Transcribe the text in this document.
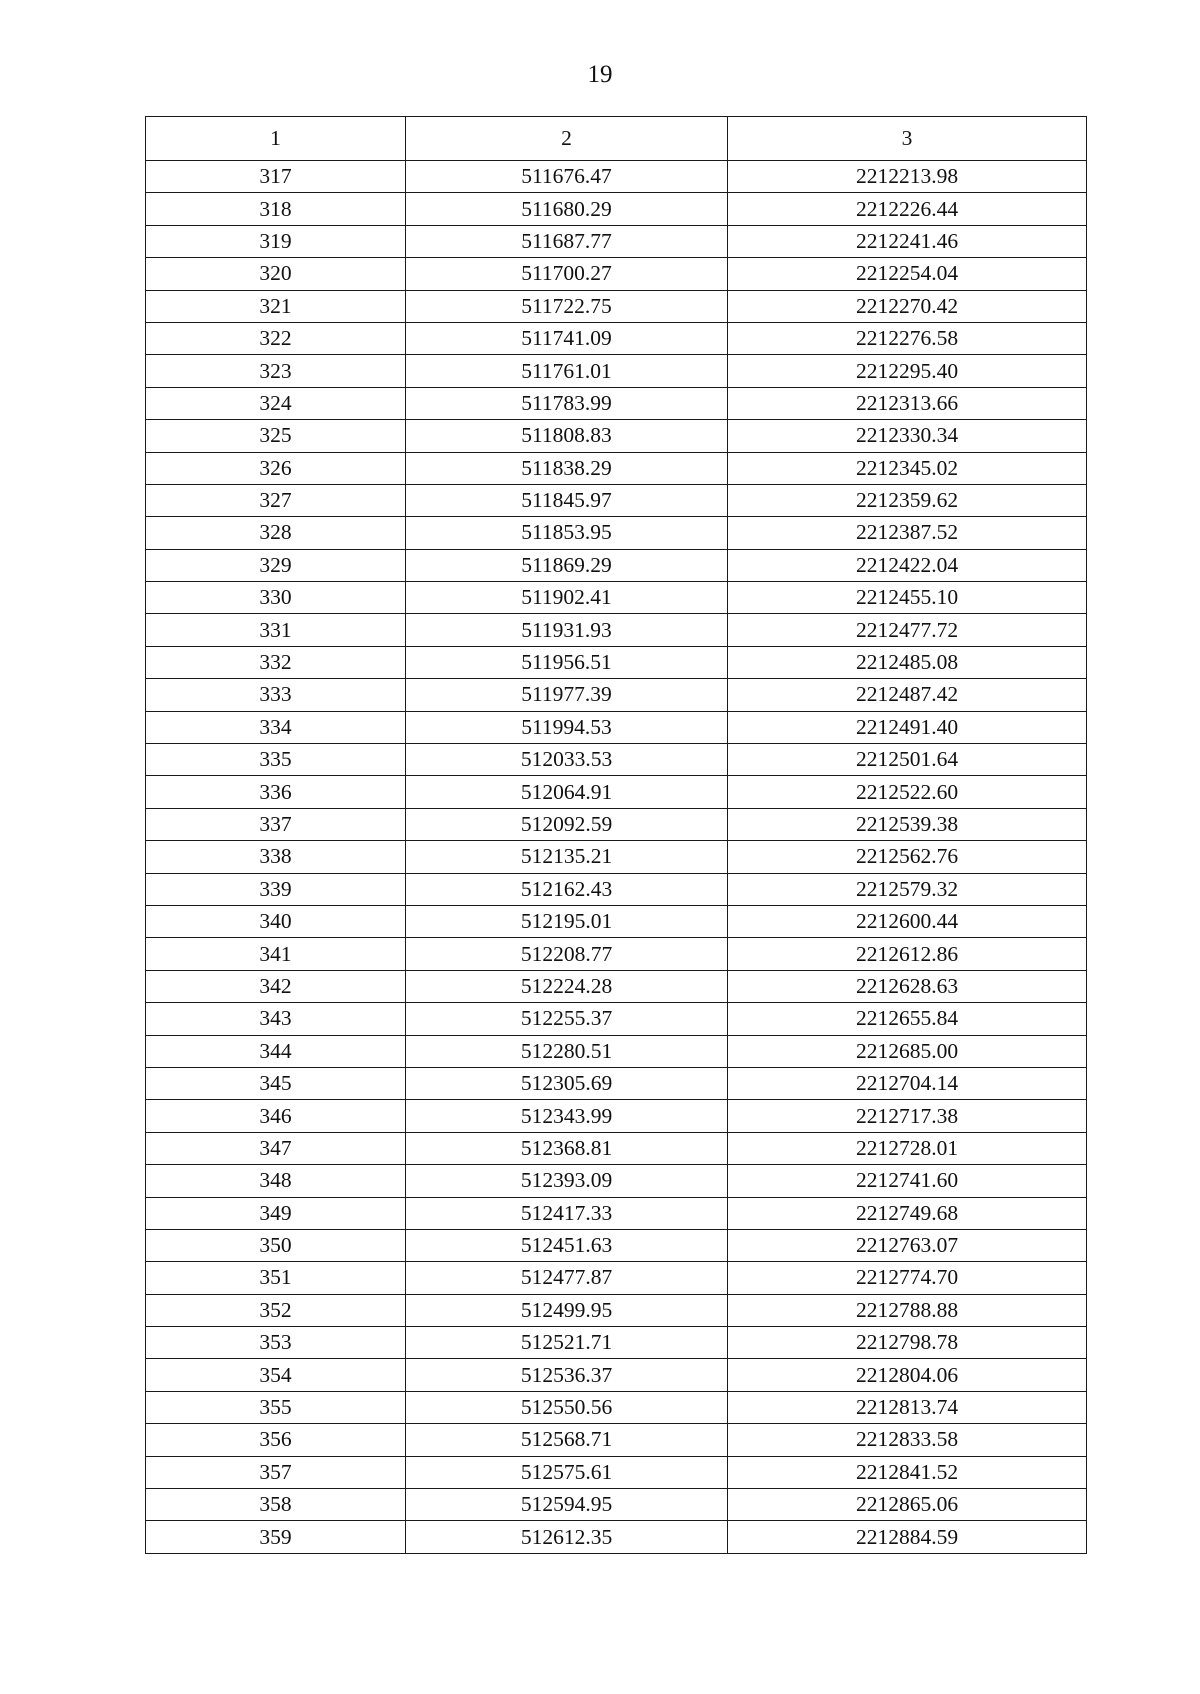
19
1	2	3
317	511676.47	2212213.98
318	511680.29	2212226.44
319	511687.77	2212241.46
320	511700.27	2212254.04
321	511722.75	2212270.42
322	511741.09	2212276.58
323	511761.01	2212295.40
324	511783.99	2212313.66
325	511808.83	2212330.34
326	511838.29	2212345.02
327	511845.97	2212359.62
328	511853.95	2212387.52
329	511869.29	2212422.04
330	511902.41	2212455.10
331	511931.93	2212477.72
332	511956.51	2212485.08
333	511977.39	2212487.42
334	511994.53	2212491.40
335	512033.53	2212501.64
336	512064.91	2212522.60
337	512092.59	2212539.38
338	512135.21	2212562.76
339	512162.43	2212579.32
340	512195.01	2212600.44
341	512208.77	2212612.86
342	512224.28	2212628.63
343	512255.37	2212655.84
344	512280.51	2212685.00
345	512305.69	2212704.14
346	512343.99	2212717.38
347	512368.81	2212728.01
348	512393.09	2212741.60
349	512417.33	2212749.68
350	512451.63	2212763.07
351	512477.87	2212774.70
352	512499.95	2212788.88
353	512521.71	2212798.78
354	512536.37	2212804.06
355	512550.56	2212813.74
356	512568.71	2212833.58
357	512575.61	2212841.52
358	512594.95	2212865.06
359	512612.35	2212884.59
